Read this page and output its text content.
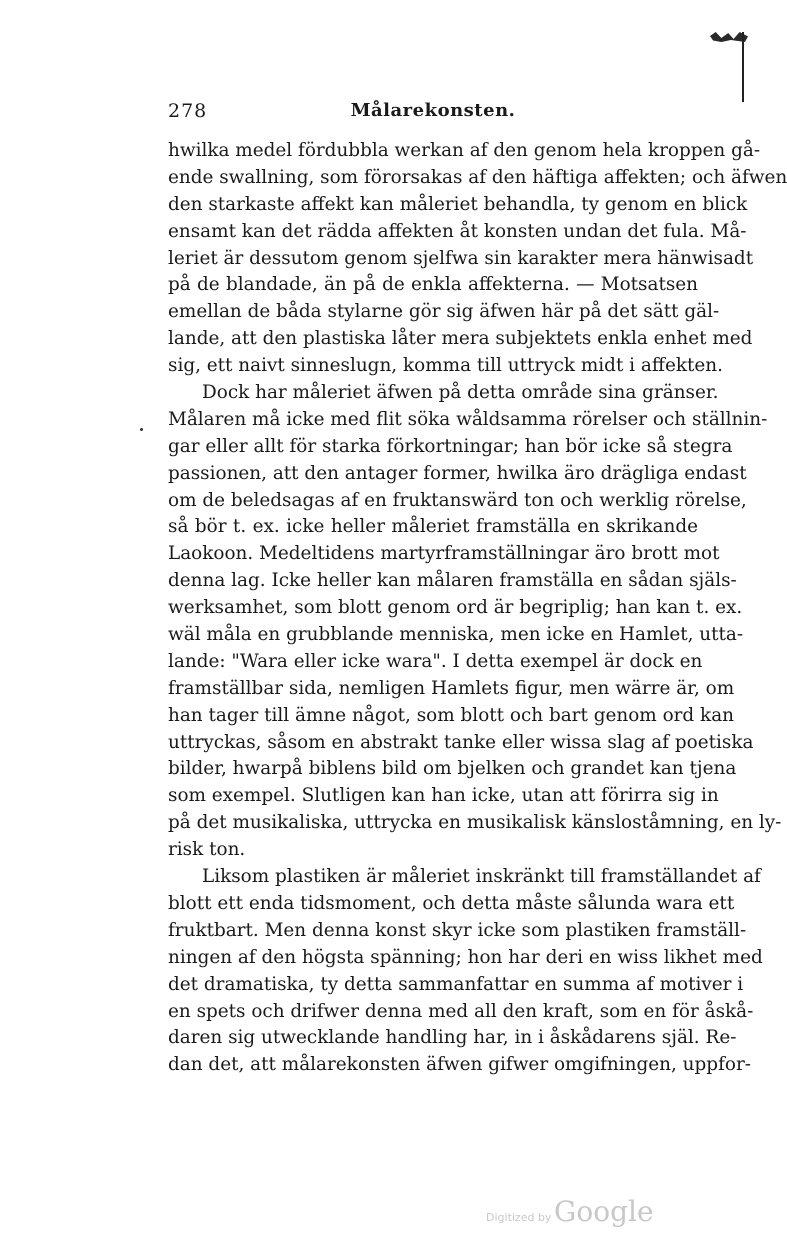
278	Målarekonsten.
hwilka medel fördubbla werkan af den genom hela kroppen gå-
ende swallning, som förorsakas af den häftiga affekten; och äfwen
den starkaste affekt kan måleriet behandla, ty genom en blick
ensamt kan det rädda affekten åt konsten undan det fula. Må-
leriet är dessutom genom sjelfwa sin karakter mera hänwisadt
på de blandade, än på de enkla affekterna. — Motsatsen
emellan de båda stylarne gör sig äfwen här på det sätt gäl-
lande, att den plastiska låter mera subjektets enkla enhet med
sig, ett naivt sinneslugn, komma till uttryck midt i affekten.
Dock har måleriet äfwen på detta område sina gränser.
Målaren må icke med flit söka wåldsamma rörelser och ställnin-
gar eller allt för starka förkortningar; han bör icke så stegra
passionen, att den antager former, hwilka äro drägliga endast
om de beledsagas af en fruktanswärd ton och werklig rörelse,
så bör t. ex. icke heller måleriet framställa en skrikande
Laokoon. Medeltidens martyrframställningar äro brott mot
denna lag. Icke heller kan målaren framställa en sådan själs-
werksamhet, som blott genom ord är begriplig; han kan t. ex.
wäl måla en grubblande menniska, men icke en Hamlet, utta-
lande: "Wara eller icke wara". I detta exempel är dock en
framställbar sida, nemligen Hamlets figur, men wärre är, om
han tager till ämne något, som blott och bart genom ord kan
uttryckas, såsom en abstrakt tanke eller wissa slag af poetiska
bilder, hwarpå biblens bild om bjelken och grandet kan tjena
som exempel. Slutligen kan han icke, utan att förirra sig in
på det musikaliska, uttrycka en musikalisk känsloståmning, en ly-
risk ton.
Liksom plastiken är måleriet inskränkt till framställandet af
blott ett enda tidsmoment, och detta måste sålunda wara ett
fruktbart. Men denna konst skyr icke som plastiken framställ-
ningen af den högsta spänning; hon har deri en wiss likhet med
det dramatiska, ty detta sammanfattar en summa af motiver i
en spets och drifwer denna med all den kraft, som en för åskå-
daren sig utwecklande handling har, in i åskådarens själ. Re-
dan det, att målarekonsten äfwen gifwer omgifningen, uppfor-
Digitized by Google
